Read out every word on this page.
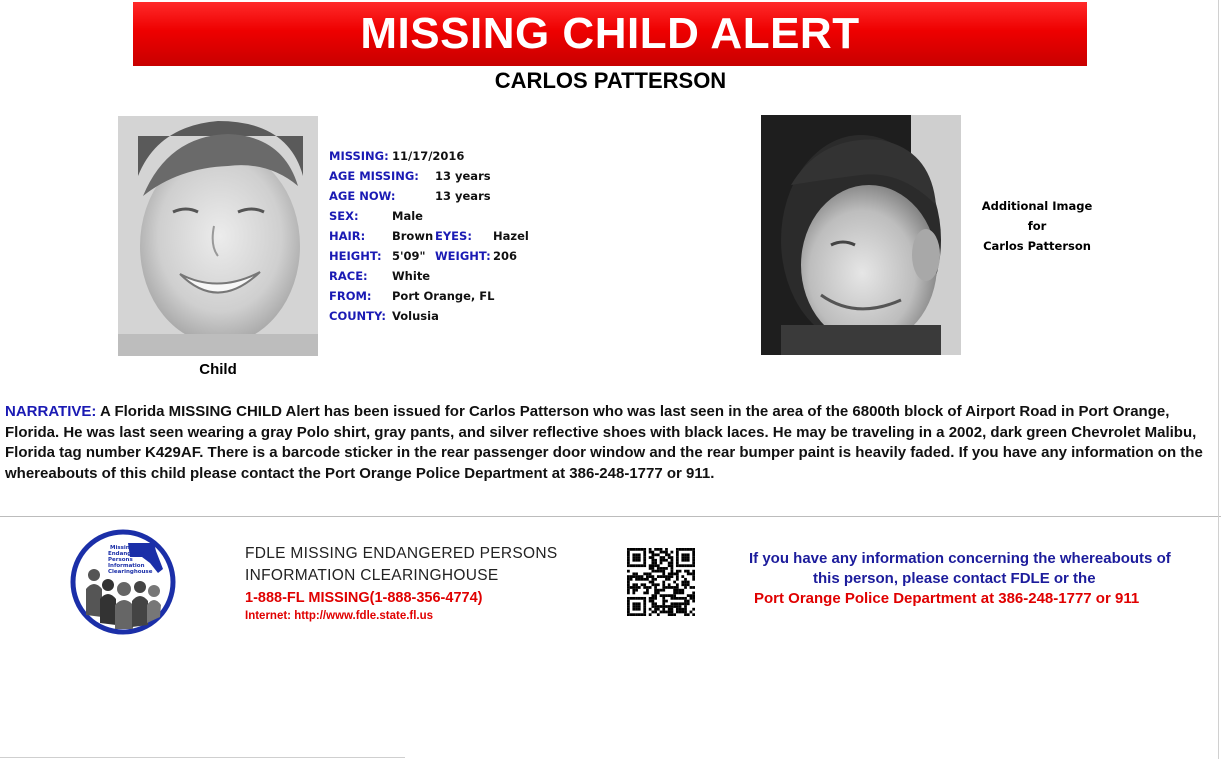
MISSING CHILD ALERT
CARLOS PATTERSON
Child
MISSING: 11/17/2016
AGE MISSING: 13 years
AGE NOW:	13 years
SEX:	Male
HAIR: Brown EYES: Hazel
HEIGHT: 5'09" WEIGHT: 206
RACE: White
FROM: Port Orange, FL
COUNTY: Volusia
Additional Image
for
Carlos Patterson
NARRATIVE: A Florida MISSING CHILD Alert has been issued for Carlos Patterson who was last seen in the area of the 6800th block of Airport Road in Port Orange, Florida. He was last seen wearing a gray Polo shirt, gray pants, and silver reflective shoes with black laces. He may be traveling in a 2002, dark green Chevrolet Malibu, Florida tag number K429AF. There is a barcode sticker in the rear passenger door window and the rear bumper paint is heavily faded. If you have any information on the whereabouts of this child please contact the Port Orange Police Department at 386-248-1777 or 911.
Missing
Endangered
Persons
Information
Clearinghouse
FDLE MISSING ENDANGERED PERSONS
INFORMATION CLEARINGHOUSE
1-888-FL MISSING(1-888-356-4774)
Internet: http://www.fdle.state.fl.us
If you have any information concerning the whereabouts of
this person, please contact FDLE or the
Port Orange Police Department at 386-248-1777 or 911
